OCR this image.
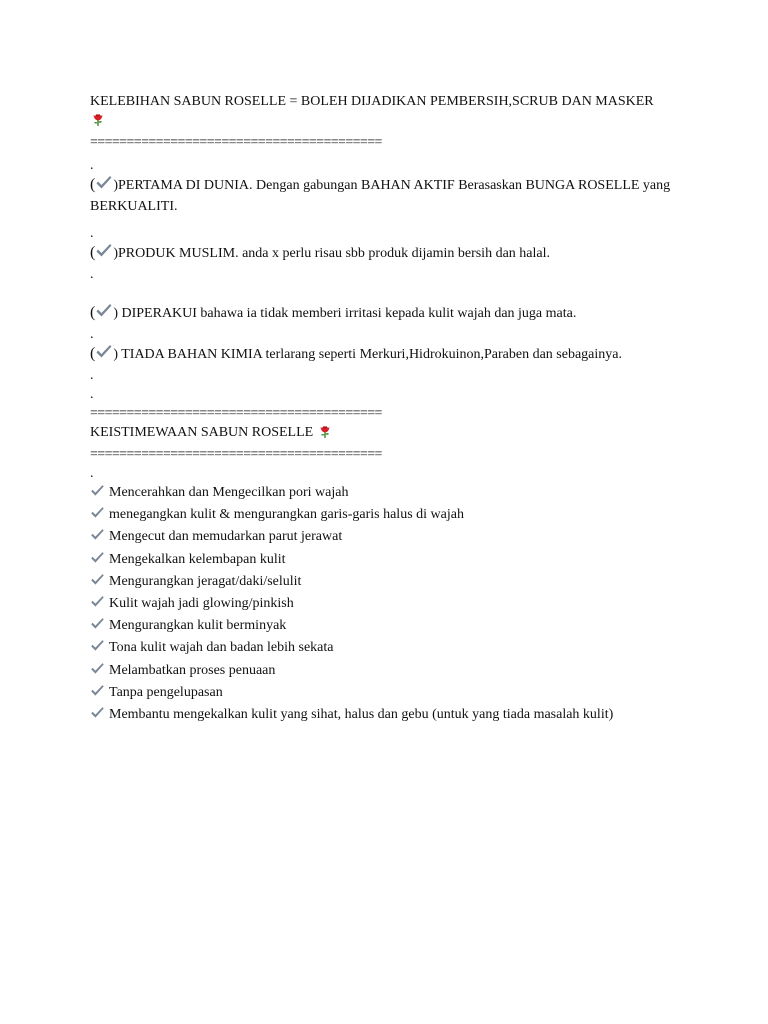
KELEBIHAN SABUN ROSELLE = BOLEH DIJADIKAN PEMBERSIH,SCRUB DAN MASKER
========================================
.
( )PERTAMA DI DUNIA. Dengan gabungan BAHAN AKTIF Berasaskan BUNGA ROSELLE yang BERKUALITI.
.
( )PRODUK MUSLIM. anda x perlu risau sbb produk dijamin bersih dan halal.
.
( ) DIPERAKUI bahawa ia tidak memberi irritasi kepada kulit wajah dan juga mata.
.
( ) TIADA BAHAN KIMIA terlarang seperti Merkuri,Hidrokuinon,Paraben dan sebagainya.
.
.
========================================
KEISTIMEWAAN SABUN ROSELLE
========================================
.
Mencerahkan dan Mengecilkan pori wajah
menegangkan kulit & mengurangkan garis-garis halus di wajah
Mengecut dan memudarkan parut jerawat
Mengekalkan kelembapan kulit
Mengurangkan jeragat/daki/selulit
Kulit wajah jadi glowing/pinkish
Mengurangkan kulit berminyak
Tona kulit wajah dan badan lebih sekata
Melambatkan proses penuaan
Tanpa pengelupasan
Membantu mengekalkan kulit yang sihat, halus dan gebu (untuk yang tiada masalah kulit)
